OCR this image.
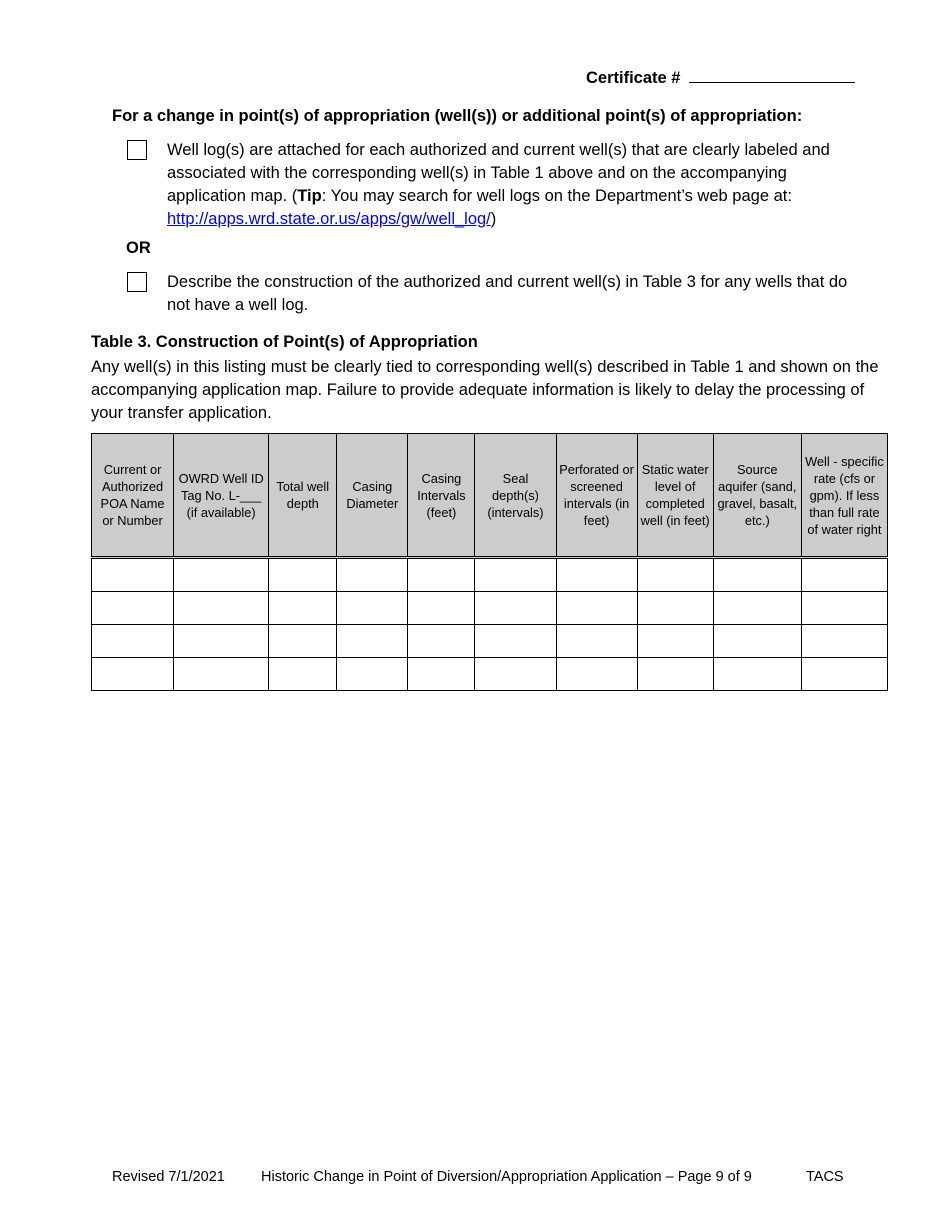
Certificate #
For a change in point(s) of appropriation (well(s)) or additional point(s) of appropriation:
Well log(s) are attached for each authorized and current well(s) that are clearly labeled and associated with the corresponding well(s) in Table 1 above and on the accompanying application map. (Tip: You may search for well logs on the Department’s web page at: http://apps.wrd.state.or.us/apps/gw/well_log/)
OR
Describe the construction of the authorized and current well(s) in Table 3 for any wells that do not have a well log.
Table 3. Construction of Point(s) of Appropriation
Any well(s) in this listing must be clearly tied to corresponding well(s) described in Table 1 and shown on the accompanying application map. Failure to provide adequate information is likely to delay the processing of your transfer application.
Current or Authorized POA Name or Number	OWRD Well ID Tag No. L-___ (if available)	Total well depth	Casing Diameter	Casing Intervals (feet)	Seal depth(s) (intervals)	Perforated or screened intervals (in feet)	Static water level of completed well (in feet)	Source aquifer (sand, gravel, basalt, etc.)	Well - specific rate (cfs or gpm). If less than full rate of water right

Revised 7/1/2021 Historic Change in Point of Diversion/Appropriation Application – Page 9 of 9	TACS
